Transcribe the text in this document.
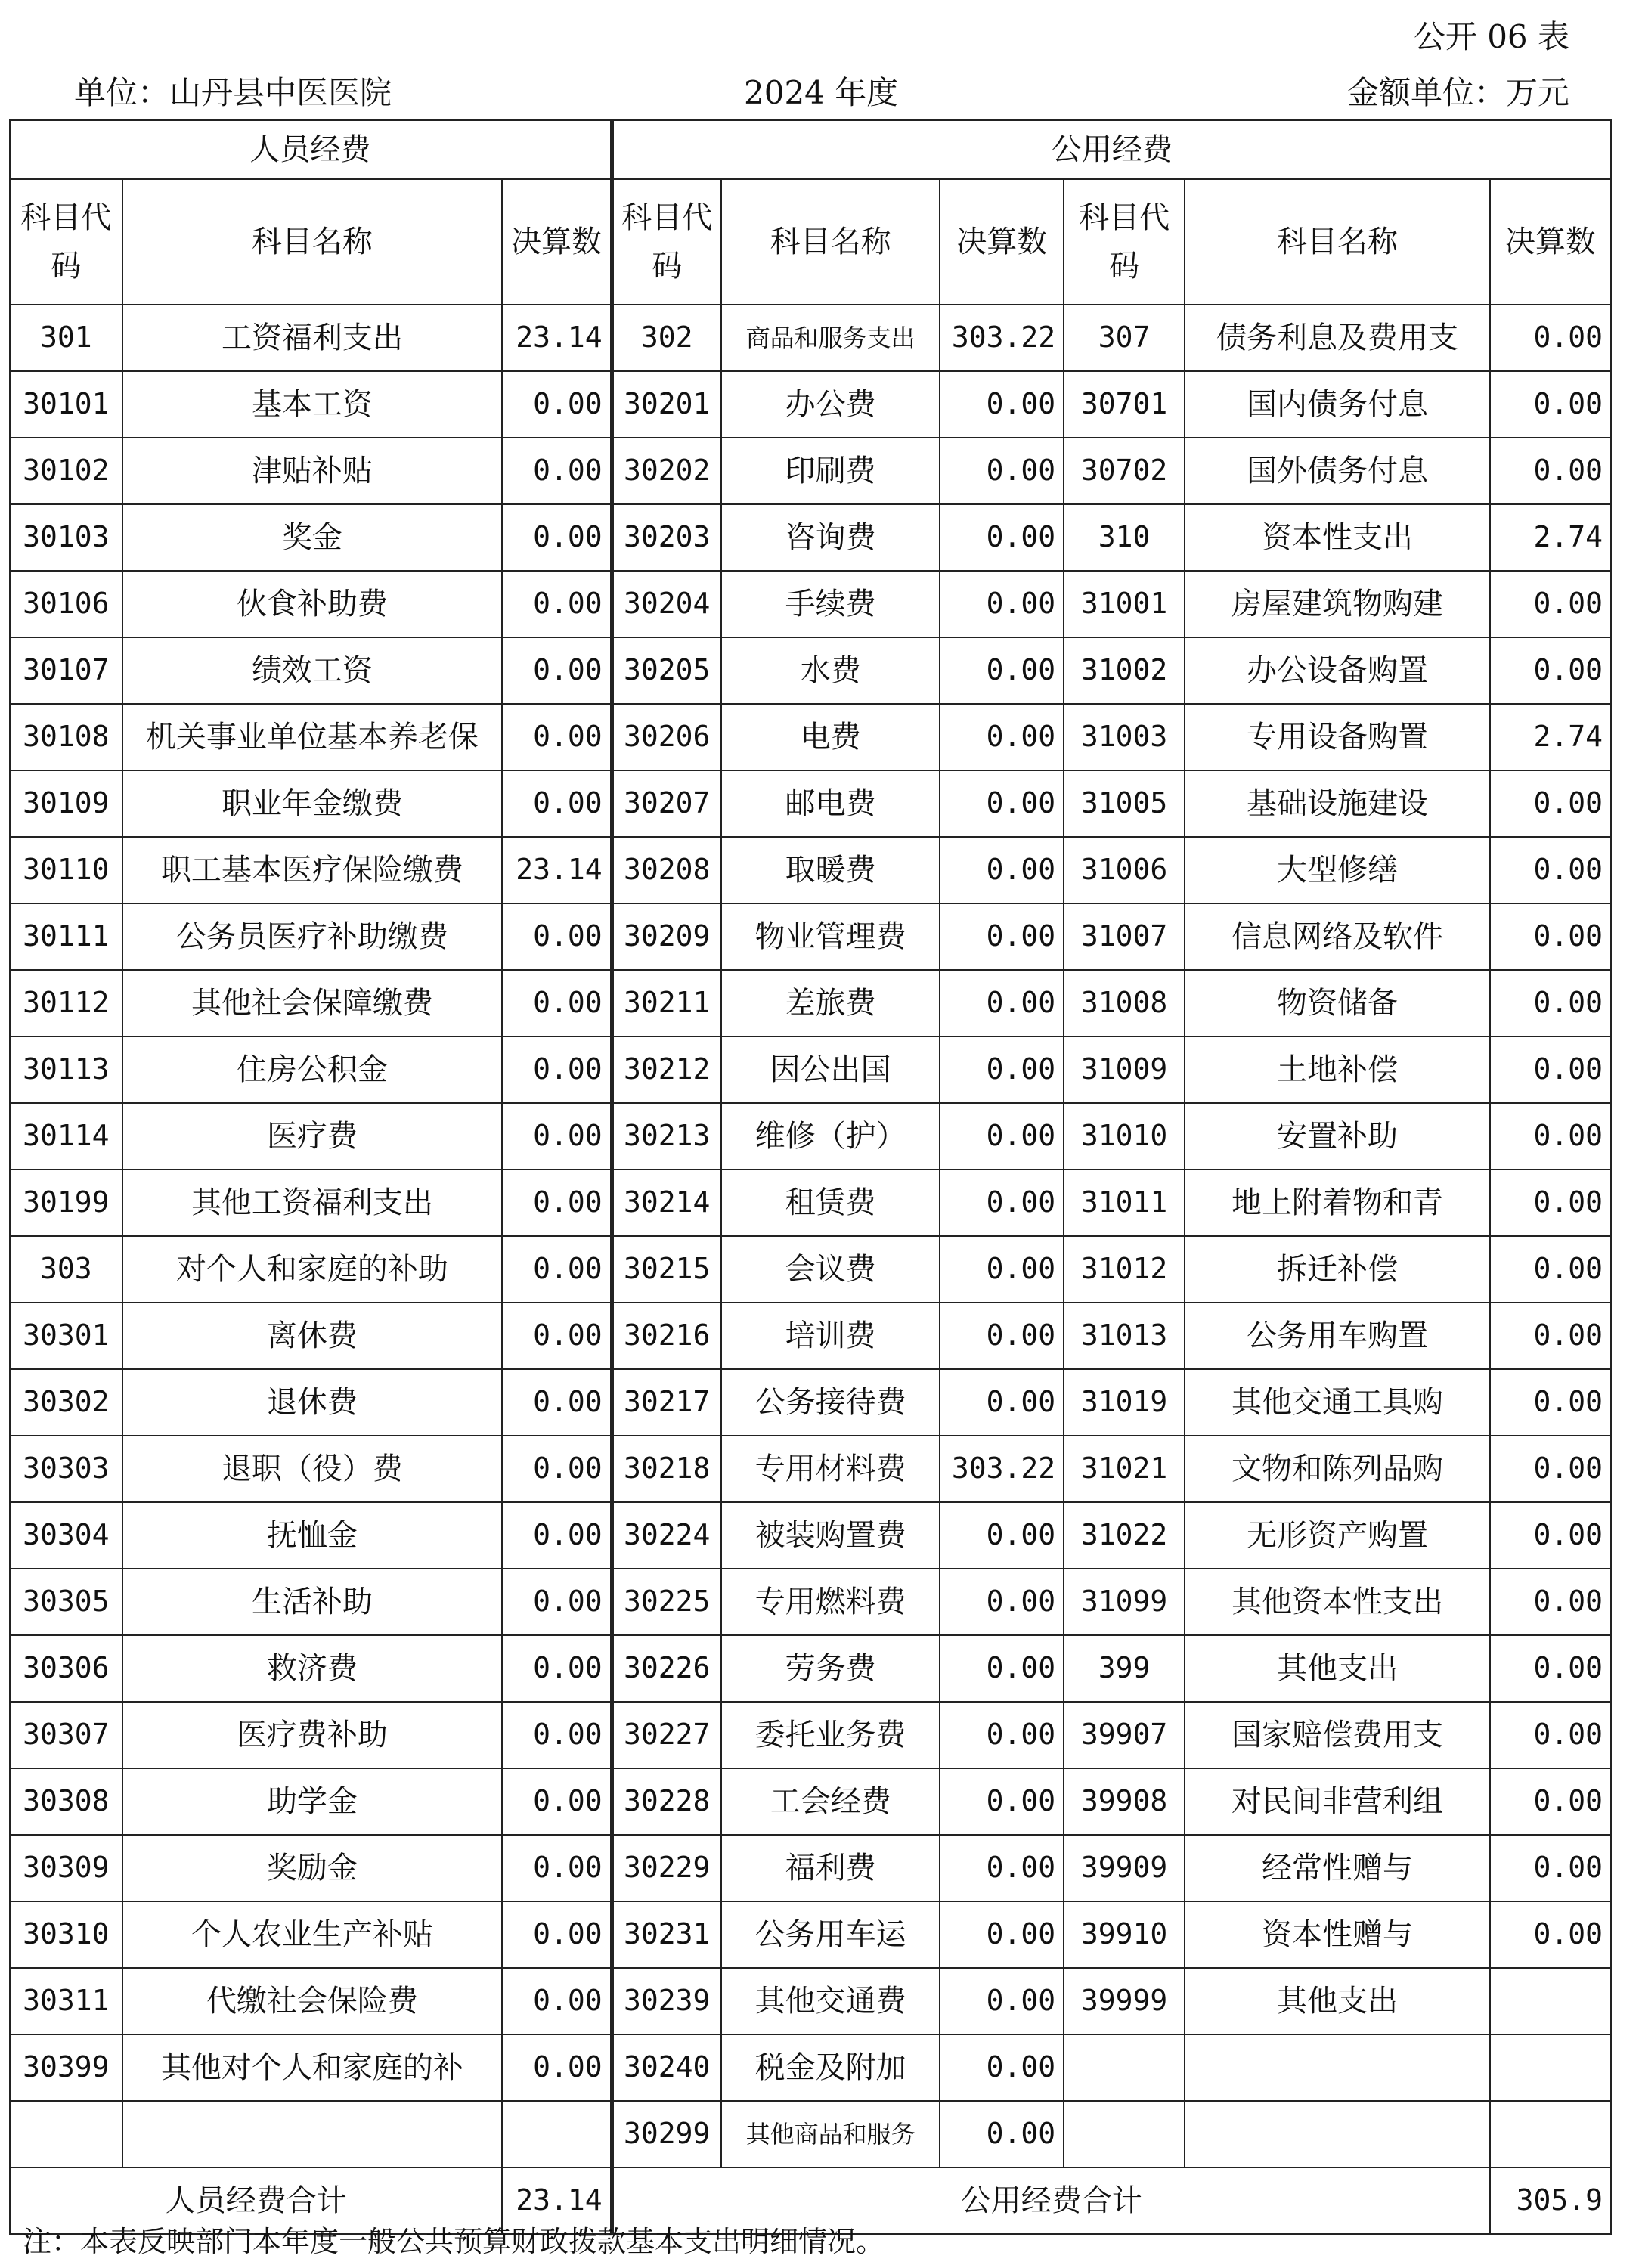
公开 06 表
单位：山丹县中医医院	2024 年度	金额单位：万元
人员经费			公用经费					
科目代码	科目名称	决算数	科目代码	科目名称	决算数	科目代码	科目名称	决算数
301	工资福利支出	23.14	302	商品和服务支出	303.22	307	债务利息及费用支	0.00
30101	基本工资	0.00	30201	办公费	0.00	30701	国内债务付息	0.00
30102	津贴补贴	0.00	30202	印刷费	0.00	30702	国外债务付息	0.00
30103	奖金	0.00	30203	咨询费	0.00	310	资本性支出	2.74
30106	伙食补助费	0.00	30204	手续费	0.00	31001	房屋建筑物购建	0.00
30107	绩效工资	0.00	30205	水费	0.00	31002	办公设备购置	0.00
30108	机关事业单位基本养老保	0.00	30206	电费	0.00	31003	专用设备购置	2.74
30109	职业年金缴费	0.00	30207	邮电费	0.00	31005	基础设施建设	0.00
30110	职工基本医疗保险缴费	23.14	30208	取暖费	0.00	31006	大型修缮	0.00
30111	公务员医疗补助缴费	0.00	30209	物业管理费	0.00	31007	信息网络及软件	0.00
30112	其他社会保障缴费	0.00	30211	差旅费	0.00	31008	物资储备	0.00
30113	住房公积金	0.00	30212	因公出国	0.00	31009	土地补偿	0.00
30114	医疗费	0.00	30213	维修（护）	0.00	31010	安置补助	0.00
30199	其他工资福利支出	0.00	30214	租赁费	0.00	31011	地上附着物和青	0.00
303	对个人和家庭的补助	0.00	30215	会议费	0.00	31012	拆迁补偿	0.00
30301	离休费	0.00	30216	培训费	0.00	31013	公务用车购置	0.00
30302	退休费	0.00	30217	公务接待费	0.00	31019	其他交通工具购	0.00
30303	退职（役）费	0.00	30218	专用材料费	303.22	31021	文物和陈列品购	0.00
30304	抚恤金	0.00	30224	被装购置费	0.00	31022	无形资产购置	0.00
30305	生活补助	0.00	30225	专用燃料费	0.00	31099	其他资本性支出	0.00
30306	救济费	0.00	30226	劳务费	0.00	399	其他支出	0.00
30307	医疗费补助	0.00	30227	委托业务费	0.00	39907	国家赔偿费用支	0.00
30308	助学金	0.00	30228	工会经费	0.00	39908	对民间非营利组	0.00
30309	奖励金	0.00	30229	福利费	0.00	39909	经常性赠与	0.00
30310	个人农业生产补贴	0.00	30231	公务用车运	0.00	39910	资本性赠与	0.00
30311	代缴社会保险费	0.00	30239	其他交通费	0.00	39999	其他支出	
30399	其他对个人和家庭的补	0.00	30240	税金及附加	0.00			
			30299	其他商品和服务	0.00			
人员经费合计		23.14	公用经费合计					305.9
注：本表反映部门本年度一般公共预算财政拨款基本支出明细情况。
